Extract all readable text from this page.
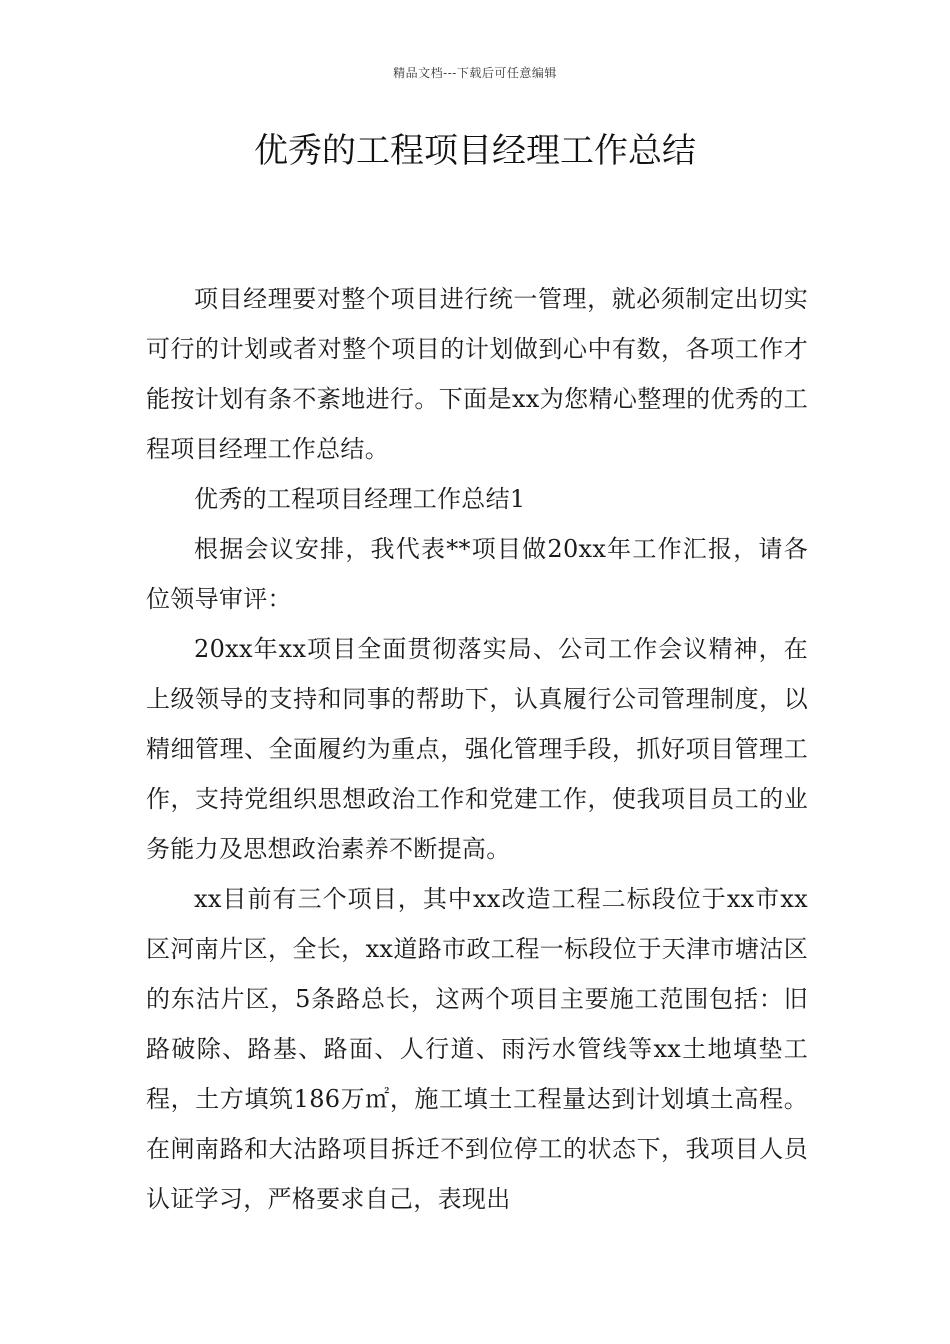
精品文档---下载后可任意编辑
优秀的工程项目经理工作总结

项目经理要对整个项目进行统一管理，就必须制定出切实可行的计划或者对整个项目的计划做到心中有数，各项工作才能按计划有条不紊地进行。下面是xx为您精心整理的优秀的工程项目经理工作总结。

优秀的工程项目经理工作总结1

根据会议安排，我代表**项目做20xx年工作汇报，请各位领导审评：

20xx年xx项目全面贯彻落实局、公司工作会议精神，在上级领导的支持和同事的帮助下，认真履行公司管理制度，以精细管理、全面履约为重点，强化管理手段，抓好项目管理工作，支持党组织思想政治工作和党建工作，使我项目员工的业务能力及思想政治素养不断提高。

xx目前有三个项目，其中xx改造工程二标段位于xx市xx区河南片区，全长，xx道路市政工程一标段位于天津市塘沽区的东沽片区，5条路总长，这两个项目主要施工范围包括：旧路破除、路基、路面、人行道、雨污水管线等xx土地填垫工程，土方填筑186万㎡，施工填土工程量达到计划填土高程。在闸南路和大沽路项目拆迁不到位停工的状态下，我项目人员认证学习，严格要求自己，表现出
